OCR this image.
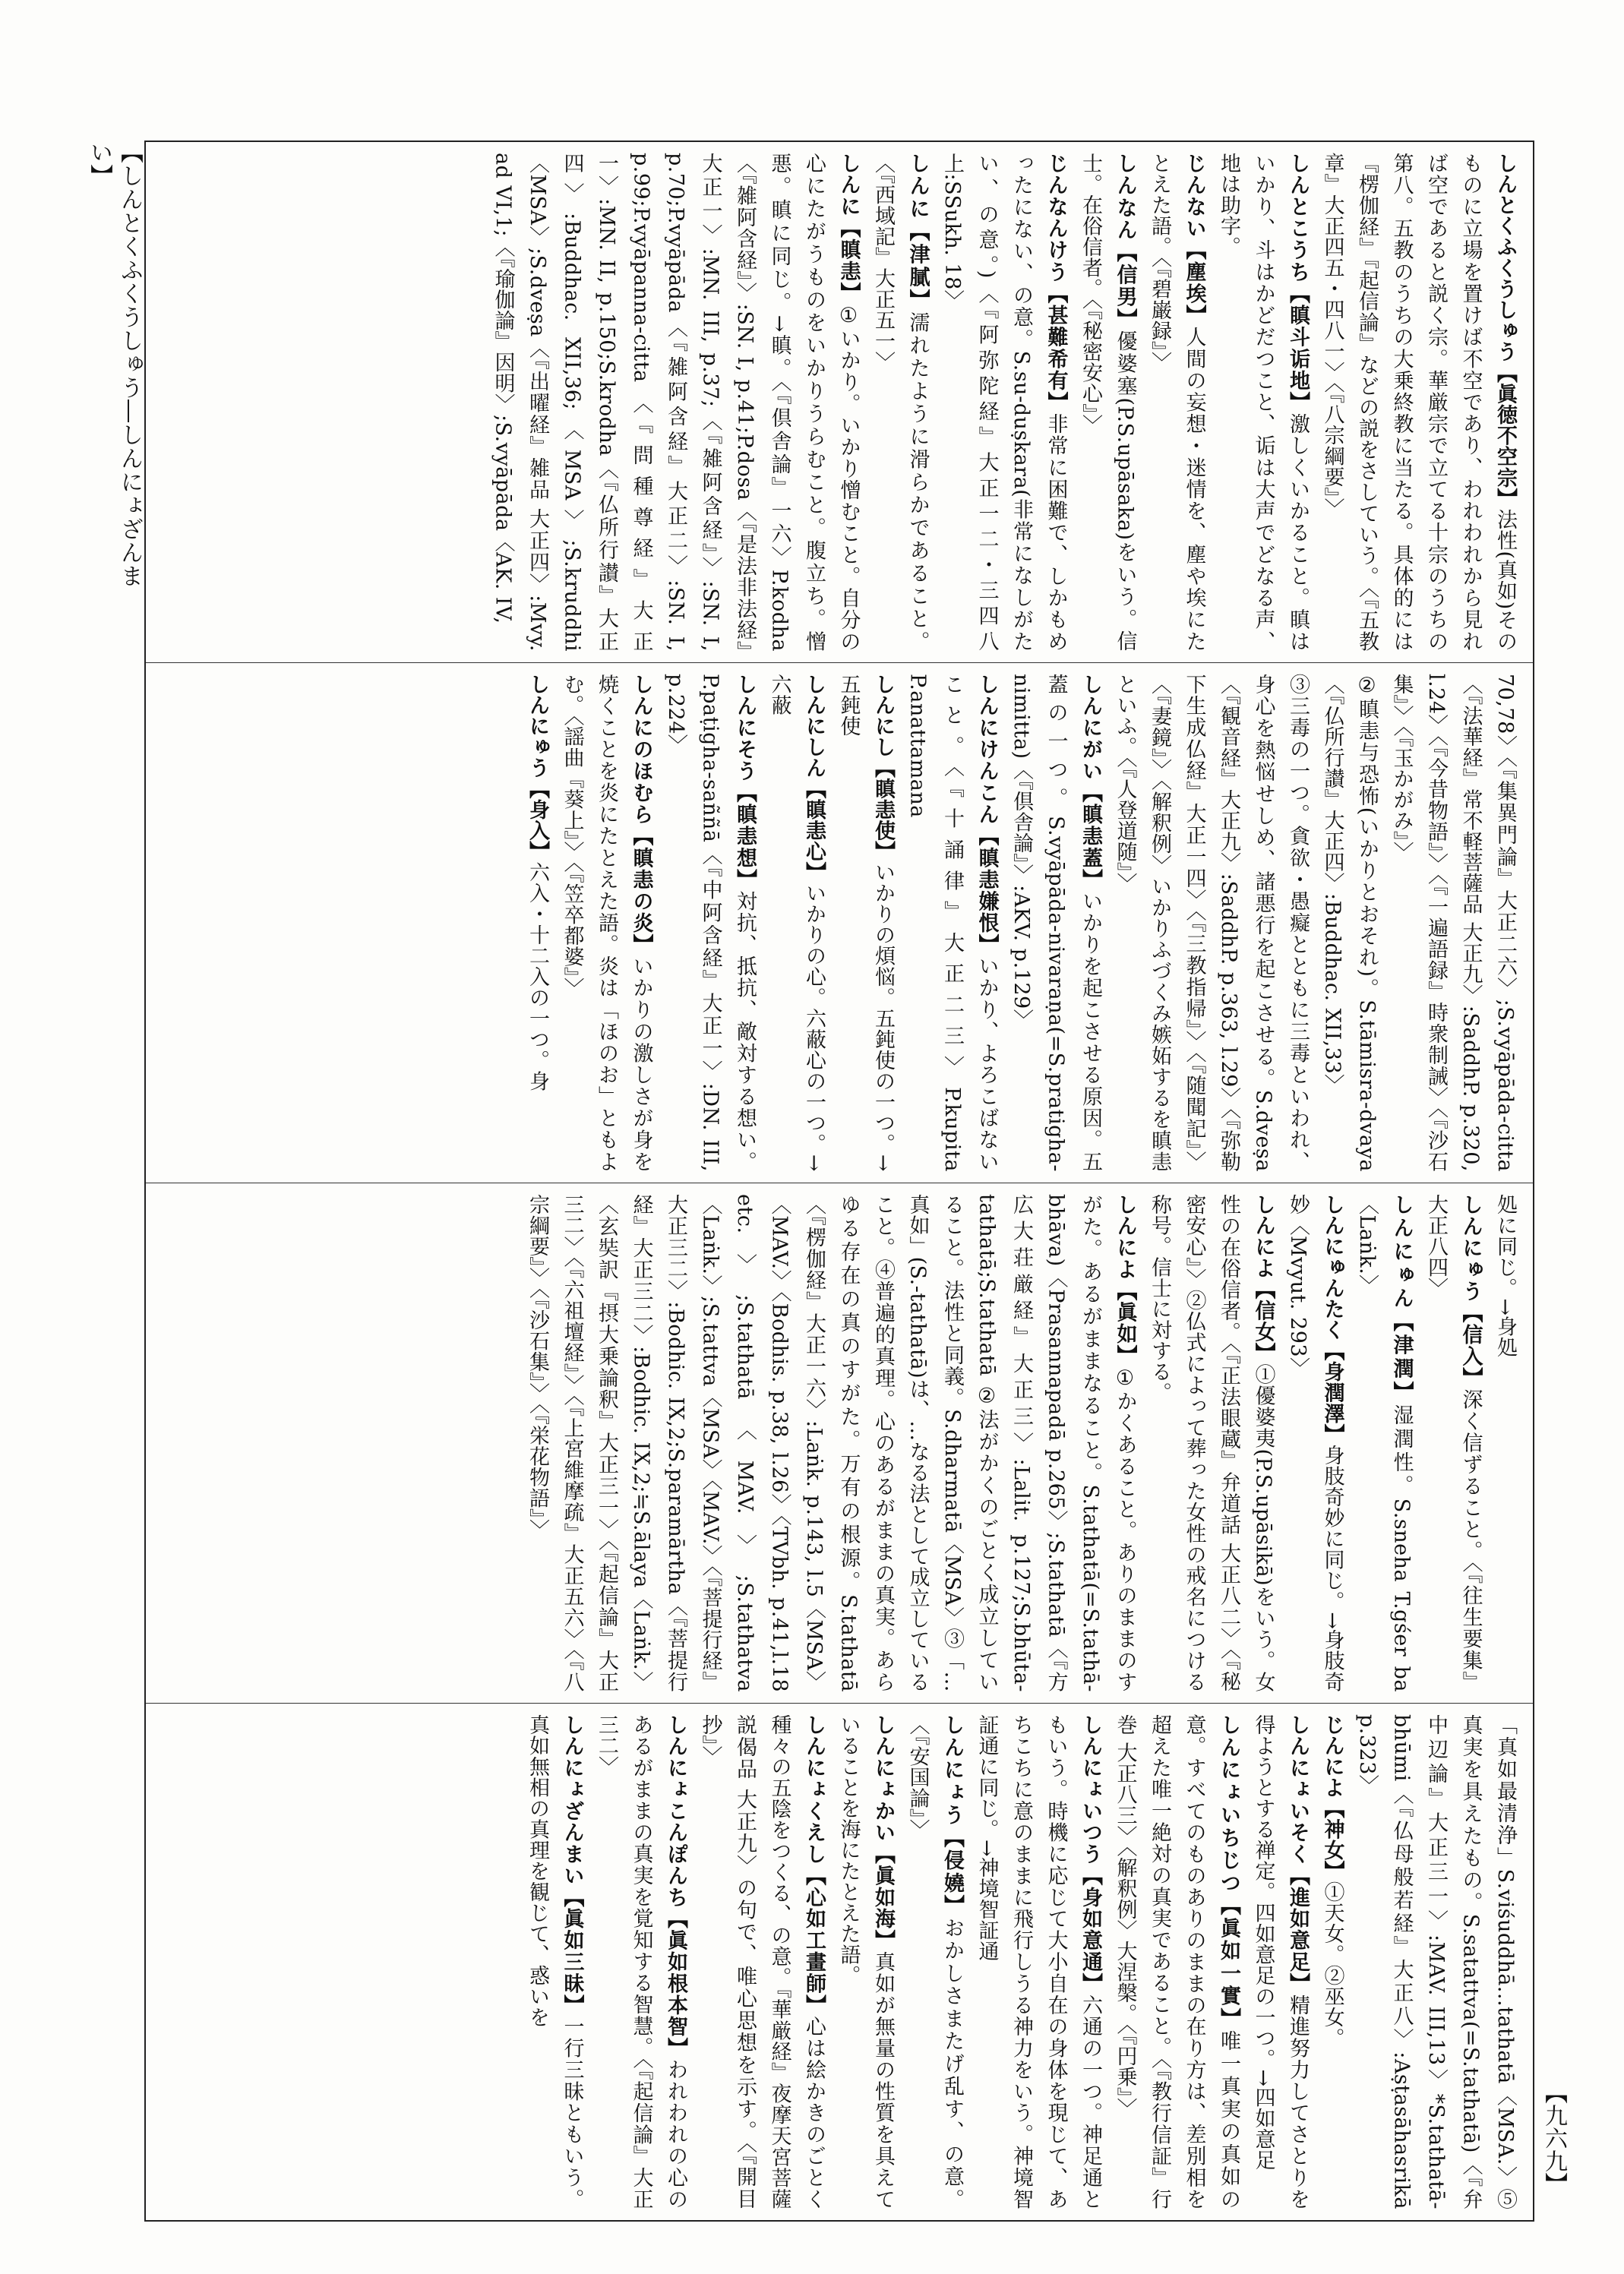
【しんとくふくうしゅう―しんにょざんまい】	しんとくふくうしゅう【眞徳不空宗】法性(真如)そのものに立場を置けば不空であり、われわれから見れば空であると説く宗。華厳宗で立てる十宗のうちの第八。五教のうちの大乗終教に当たる。具体的には『楞伽経』『起信論』などの説をさしていう。〈『五教章』大正四五・四八一〉〈『八宗綱要』〉
しんとこうち【瞋斗诟地】激しくいかること。瞋はいかり、斗はかどだつこと、诟は大声でどなる声、地は助字。
じんない【塵埃】人間の妄想・迷情を、塵や埃にたとえた語。〈『碧巌録』〉
しんなん【信男】優婆塞(P.S.upāsaka)をいう。信士。在俗信者。〈『秘密安心』〉
じんなんけう【甚難希有】非常に困難で、しかもめったにない、の意。S.su-duṣkara(非常になしがたい、の意。)〈『阿弥陀経』大正一二・三四八上:SSukh. 18〉
しんに【津膩】濡れたように滑らかであること。〈『西域記』大正五一〉
しんに【瞋恚】①いかり。いかり憎むこと。自分の心にたがうものをいかりうらむこと。腹立ち。憎悪。瞋に同じ。→瞋。〈『倶舎論』一六〉P.kodha〈『雑阿含経』〉:SN. I, p.41;P.dosa〈『是法非法経』大正一〉:MN. III, p.37;〈『雑阿含経』〉:SN. I, p.70;P.vyāpāda〈『雑阿含経』大正二〉:SN. I, p.99;P.vyāpanna-citta〈『問種尊経』大正一〉:MN. II, p.150;S.krodha〈『仏所行讃』大正四〉:Buddhac. XII,36;〈MSA〉;S.kruddhi〈MSA〉;S.dveṣa〈『出曜経』雑品 大正四〉:Mvy. ad VI,1;〈『瑜伽論』因明〉;S.vyāpāda〈AK. IV,
70,78〉〈『集異門論』大正二六〉;S.vyāpāda-citta〈『法華経』常不軽菩薩品 大正九〉:SaddhP. p.320, l.24〉〈『今昔物語』〉〈『一遍語録』時衆制誡〉〈『沙石集』〉〈『玉かがみ』〉
②瞋恚与恐怖(いかりとおそれ)。S.tāmisra-dvaya〈『仏所行讃』大正四〉:Buddhac. XII,33〉
③三毒の一つ。貪欲・愚癡とともに三毒といわれ、身心を熱悩せしめ、諸悪行を起こさせる。S.dveṣa〈『観音経』大正九〉:SaddhP. p.363, l.29〉〈『弥勒下生成仏経』大正一四〉〈『三教指帰』〉〈『随聞記』〉〈『妻鏡』〉〈解釈例〉いかりふづくみ嫉妬するを瞋恚といふ。〈『人登道随』〉
しんにがい【瞋恚蓋】いかりを起こさせる原因。五蓋の一つ。S.vyāpāda-nivaraṇa(=S.pratigha-nimitta)〈『倶舎論』〉:AKV. p.129〉
しんにけんこん【瞋恚嫌恨】いかり、よろこばないこと。〈『十誦律』大正二三〉P.kupita P.anattamana
しんにし【瞋恚使】いかりの煩悩。五鈍使の一つ。→五鈍使
しんにしん【瞋恚心】いかりの心。六蔽心の一つ。→六蔽
しんにそう【瞋恚想】対抗、抵抗、敵対する想い。P.paṭigha-saññā〈『中阿含経』大正一〉:DN. III, p.224〉
しんにのほむら【瞋恚の炎】いかりの激しさが身を焼くことを炎にたとえた語。炎は「ほのお」ともよむ。〈謡曲『葵上』〉〈『笠卒都婆』〉
しんにゅう【身入】六入・十二入の一つ。身
処に同じ。→身処
しんにゅう【信入】深く信ずること。〈『往生要集』大正八四〉
しんにゅん【津潤】湿潤性。S.sneha T.gśer ba〈Laṅk.〉
しんにゅんたく【身潤澤】身肢奇妙に同じ。→身肢奇妙〈Mvyut. 293〉
しんによ【信女】①優婆夷(P.S.upāsikā)をいう。女性の在俗信者。〈『正法眼蔵』弁道話 大正八二〉〈『秘密安心』〉②仏式によって葬った女性の戒名につける称号。信士に対する。
しんによ【眞如】①かくあること。ありのままのすがた。あるがままなること。S.tathatā(=S.tathā-bhāva)〈Prasannapadā p.265〉;S.tathatā〈『方広大荘厳経』大正三〉:Lalit. p.127;S.bhūta-tathatā;S.tathatā ②法がかくのごとく成立していること。法性と同義。S.dharmatā〈MSA〉③「…真如」(S.-tathatā)は、…なる法として成立していること。④普遍的真理。心のあるがままの真実。あらゆる存在の真のすがた。万有の根源。S.tathatā〈『楞伽経』大正一六〉:Laṅk. p.143, l.5〈MSA〉〈MAV.〉〈Bodhis. p.38, l.26〉〈TVbh. p.41,l.18 etc.〉;S.tathatā〈MAV.〉;S.tathatva〈Laṅk.〉;S.tattva〈MSA〉〈MAV.〉〈『菩提行経』大正三二〉:Bodhic. IX,2;S.paramārtha〈『菩提行経』大正三二〉:Bodhic. IX,2;≒S.ālaya〈Laṅk.〉〈玄奘訳『摂大乗論釈』大正三一〉〈『起信論』大正三二〉〈『六祖壇経』〉〈『上宮維摩疏』大正五六〉〈『八宗綱要』〉〈『沙石集』〉〈『栄花物語』〉
「真如最清浄」S.viśuddhā...tathatā〈MSA.〉⑤真実を具えたもの。S.satattva(=S.tathatā)〈『弁中辺論』大正三一〉:MAV. III,13〉*S.tathatā-bhūmi〈『仏母般若経』大正八〉:Aṣṭasāhasrikā p.323〉
じんによ【神女】①天女。②巫女。
しんにょいそく【進如意足】精進努力してさとりを得ようとする禅定。四如意足の一つ。→四如意足
しんにょいちじつ【眞如一實】唯一真実の真如の意。すべてのものありのままの在り方は、差別相を超えた唯一絶対の真実であること。〈『教行信証』行巻 大正八三〉〈解釈例〉大涅槃。〈『円乗』〉
しんにょいつう【身如意通】六通の一つ。神足通ともいう。時機に応じて大小自在の身体を現じて、あちこちに意のままに飛行しうる神力をいう。神境智証通に同じ。→神境智証通
しんにょう【侵嬈】おかしさまたげ乱す、の意。〈『安国論』〉
しんにょかい【眞如海】真如が無量の性質を具えていることを海にたとえた語。
しんにょくえし【心如工畫師】心は絵かきのごとく種々の五陰をつくる、の意。『華厳経』夜摩天宮菩薩説偈品 大正九〉の句で、唯心思想を示す。〈『開目抄』〉
しんにょこんぽんち【眞如根本智】われわれの心のあるがままの真実を覚知する智慧。〈『起信論』大正三二〉
しんにょざんまい【眞如三昧】一行三昧ともいう。真如無相の真理を観じて、惑いを
【九六九】
